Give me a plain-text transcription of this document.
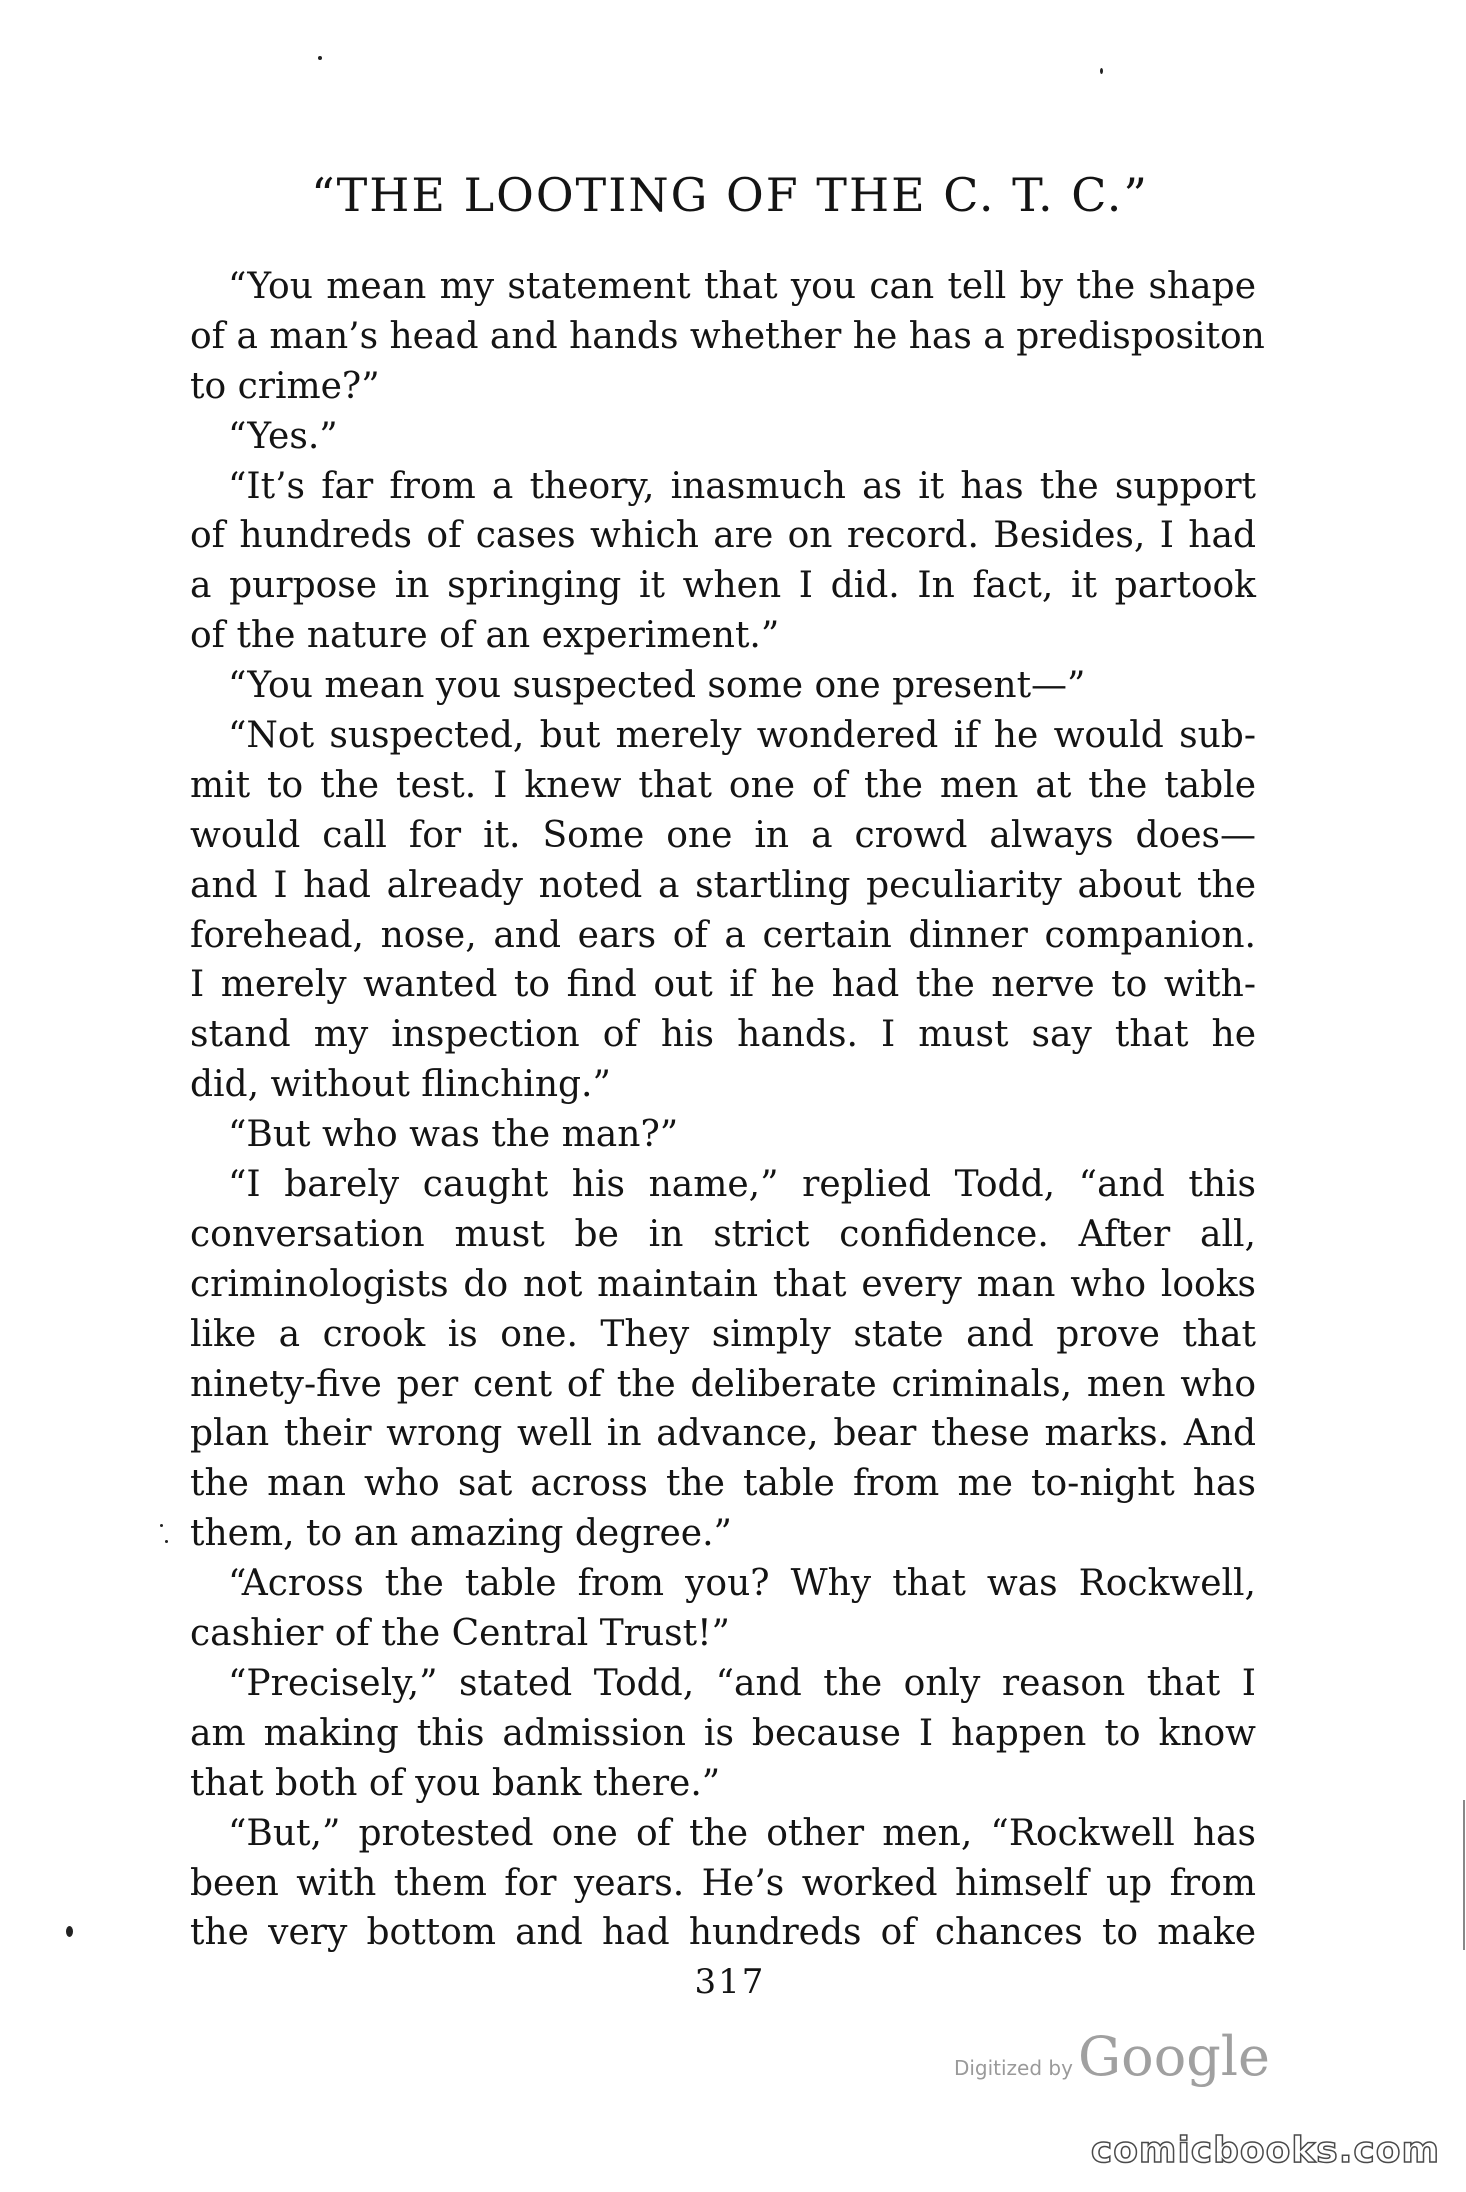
“THE LOOTING OF THE C. T. C.”
“You mean my statement that you can tell by the shape
of a man’s head and hands whether he has a predispositon
to crime?”
“Yes.”
“It’s far from a theory, inasmuch as it has the support
of hundreds of cases which are on record. Besides, I had
a purpose in springing it when I did. In fact, it partook
of the nature of an experiment.”
“You mean you suspected some one present—”
“Not suspected, but merely wondered if he would sub-
mit to the test. I knew that one of the men at the table
would call for it. Some one in a crowd always does—
and I had already noted a startling peculiarity about the
forehead, nose, and ears of a certain dinner companion.
I merely wanted to find out if he had the nerve to with-
stand my inspection of his hands. I must say that he
did, without flinching.”
“But who was the man?”
“I barely caught his name,” replied Todd, “and this
conversation must be in strict confidence. After all,
criminologists do not maintain that every man who looks
like a crook is one. They simply state and prove that
ninety-five per cent of the deliberate criminals, men who
plan their wrong well in advance, bear these marks. And
the man who sat across the table from me to-night has
them, to an amazing degree.”
“Across the table from you? Why that was Rockwell,
cashier of the Central Trust!”
“Precisely,” stated Todd, “and the only reason that I
am making this admission is because I happen to know
that both of you bank there.”
“But,” protested one of the other men, “Rockwell has
been with them for years. He’s worked himself up from
the very bottom and had hundreds of chances to make
317
Digitized by Google
comicbooks.com
